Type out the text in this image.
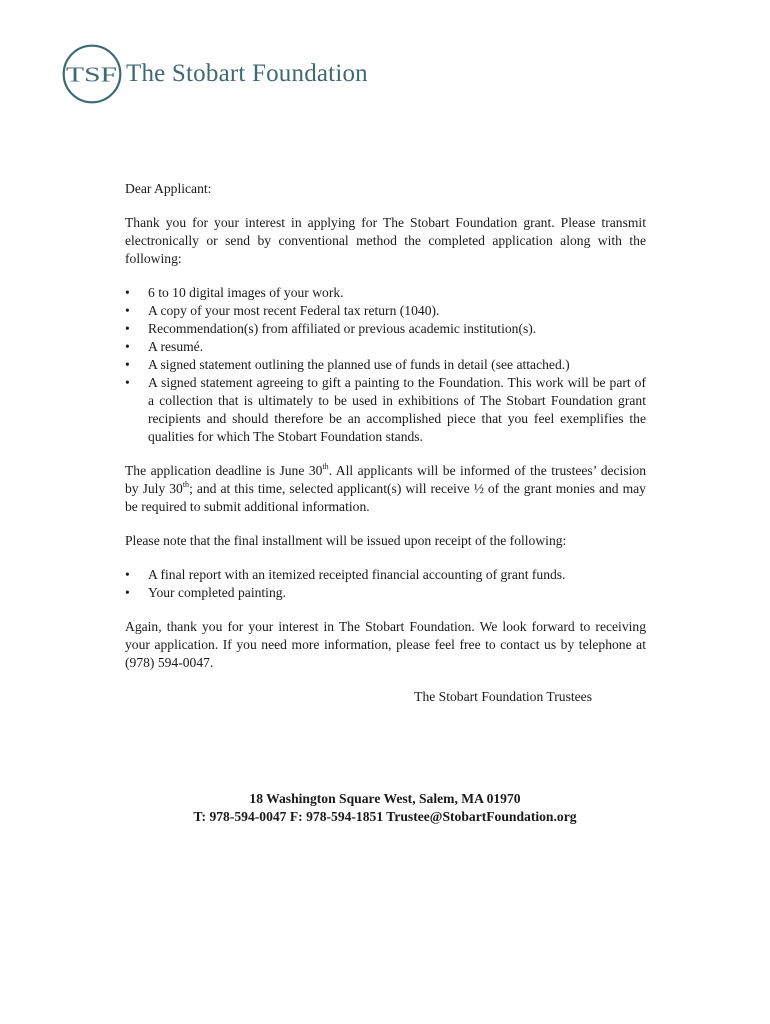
TSF The Stobart Foundation

Dear Applicant:

Thank you for your interest in applying for The Stobart Foundation grant. Please transmit electronically or send by conventional method the completed application along with the following:

• 6 to 10 digital images of your work.
• A copy of your most recent Federal tax return (1040).
• Recommendation(s) from affiliated or previous academic institution(s).
• A resumé.
• A signed statement outlining the planned use of funds in detail (see attached.)
• A signed statement agreeing to gift a painting to the Foundation. This work will be part of a collection that is ultimately to be used in exhibitions of The Stobart Foundation grant recipients and should therefore be an accomplished piece that you feel exemplifies the qualities for which The Stobart Foundation stands.

The application deadline is June 30th. All applicants will be informed of the trustees’ decision by July 30th; and at this time, selected applicant(s) will receive ½ of the grant monies and may be required to submit additional information.

Please note that the final installment will be issued upon receipt of the following:

• A final report with an itemized receipted financial accounting of grant funds.
• Your completed painting.

Again, thank you for your interest in The Stobart Foundation. We look forward to receiving your application. If you need more information, please feel free to contact us by telephone at (978) 594-0047.

The Stobart Foundation Trustees

18 Washington Square West, Salem, MA 01970
T: 978-594-0047 F: 978-594-1851 Trustee@StobartFoundation.org
